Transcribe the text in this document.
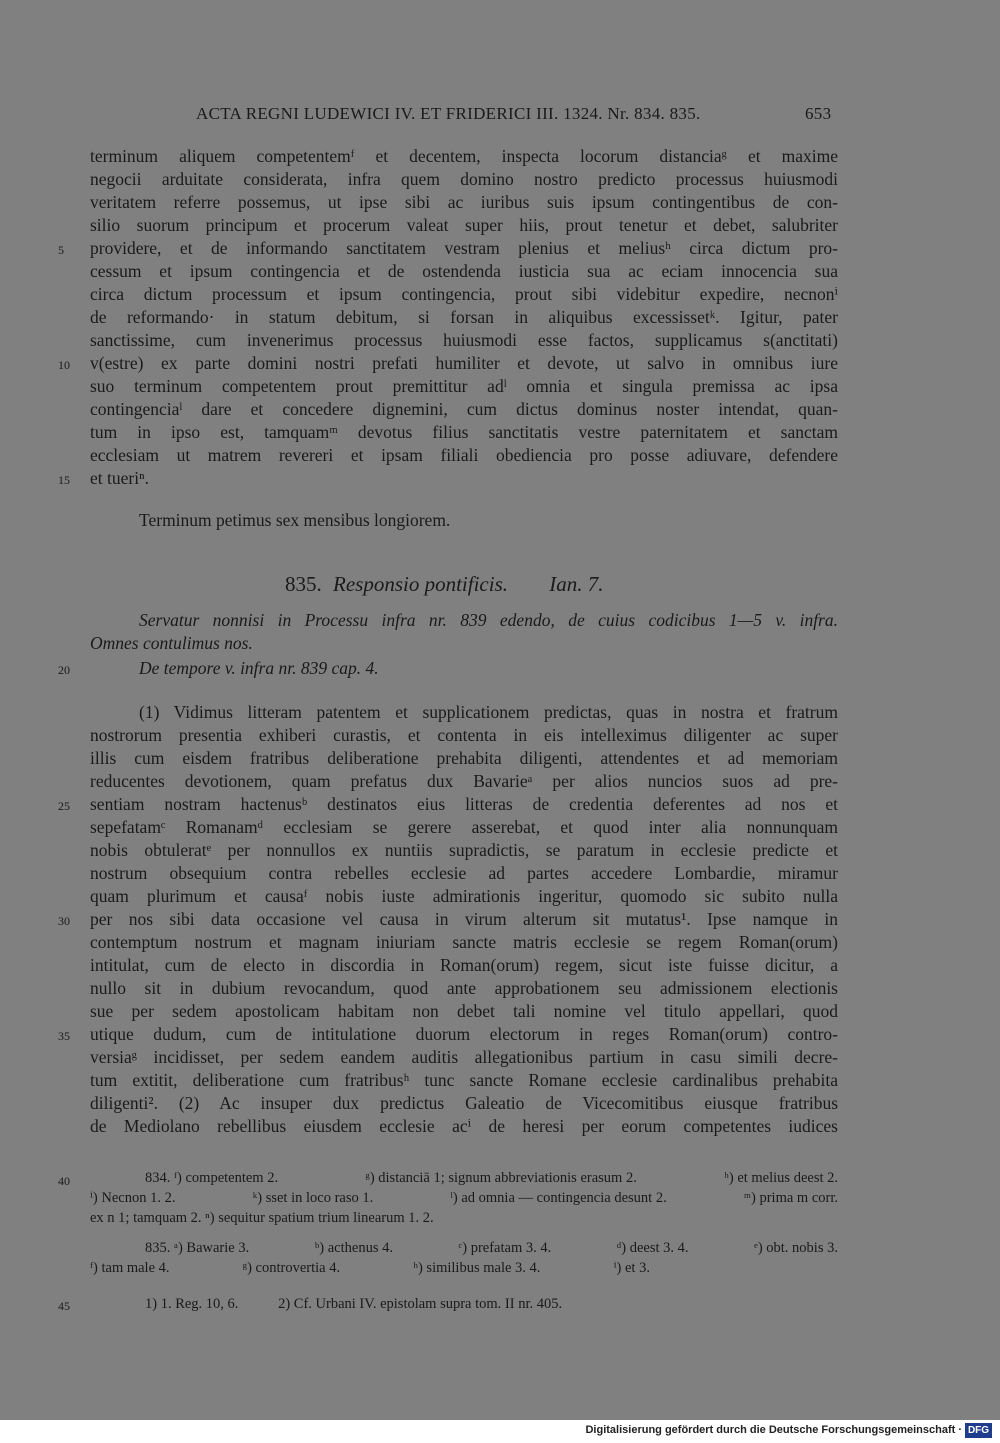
ACTA REGNI LUDEWICI IV. ET FRIDERICI III. 1324. Nr. 834. 835.	653
terminum aliquem competentemᶠ et decentem, inspecta locorum distanciaᵍ et maxime
negocii arduitate considerata, infra quem domino nostro predicto processus huiusmodi
veritatem referre possemus, ut ipse sibi ac iuribus suis ipsum contingentibus de con-
silio suorum principum et procerum valeat super hiis, prout tenetur et debet, salubriter
providere, et de informando sanctitatem vestram plenius et meliusʰ circa dictum pro-
cessum et ipsum contingencia et de ostendenda iusticia sua ac eciam innocencia sua
circa dictum processum et ipsum contingencia, prout sibi videbitur expedire, necnonⁱ
de reformando· in statum debitum, si forsan in aliquibus excessissetᵏ. Igitur, pater
sanctissime, cum invenerimus processus huiusmodi esse factos, supplicamus s(anctitati)
v(estre) ex parte domini nostri prefati humiliter et devote, ut salvo in omnibus iure
suo terminum competentem prout premittitur adˡ omnia et singula premissa ac ipsa
contingenciaˡ dare et concedere dignemini, cum dictus dominus noster intendat, quan-
tum in ipso est, tamquamᵐ devotus filius sanctitatis vestre paternitatem et sanctam
ecclesiam ut matrem revereri et ipsam filiali obediencia pro posse adiuvare, defendere
et tueriⁿ.
Terminum petimus sex mensibus longiorem.
835. Responsio pontificis. Ian. 7.
Servatur nonnisi in Processu infra nr. 839 edendo, de cuius codicibus 1—5 v. infra.
Omnes contulimus nos.
De tempore v. infra nr. 839 cap. 4.
(1) Vidimus litteram patentem et supplicationem predictas, quas in nostra et fratrum
nostrorum presentia exhiberi curastis, et contenta in eis intelleximus diligenter ac super
illis cum eisdem fratribus deliberatione prehabita diligenti, attendentes et ad memoriam
reducentes devotionem, quam prefatus dux Bavarieᵃ per alios nuncios suos ad pre-
sentiam nostram hactenusᵇ destinatos eius litteras de credentia deferentes ad nos et
sepefatamᶜ Romanamᵈ ecclesiam se gerere asserebat, et quod inter alia nonnunquam
nobis obtuleratᵉ per nonnullos ex nuntiis supradictis, se paratum in ecclesie predicte et
nostrum obsequium contra rebelles ecclesie ad partes accedere Lombardie, miramur
quam plurimum et causaᶠ nobis iuste admirationis ingeritur, quomodo sic subito nulla
per nos sibi data occasione vel causa in virum alterum sit mutatus¹. Ipse namque in
contemptum nostrum et magnam iniuriam sancte matris ecclesie se regem Roman(orum)
intitulat, cum de electo in discordia in Roman(orum) regem, sicut iste fuisse dicitur, a
nullo sit in dubium revocandum, quod ante approbationem seu admissionem electionis
sue per sedem apostolicam habitam non debet tali nomine vel titulo appellari, quod
utique dudum, cum de intitulatione duorum electorum in reges Roman(orum) contro-
versiaᵍ incidisset, per sedem eandem auditis allegationibus partium in casu simili decre-
tum extitit, deliberatione cum fratribusʰ tunc sancte Romane ecclesie cardinalibus prehabita
diligenti². (2) Ac insuper dux predictus Galeatio de Vicecomitibus eiusque fratribus
de Mediolano rebellibus eiusdem ecclesie acⁱ de heresi per eorum competentes iudices
5
10
15
20
25
30
35
40
45
834. ᶠ) competentem 2.	ᵍ) distanciā 1; signum abbreviationis erasum 2.	ʰ) et melius deest 2.
ⁱ) Necnon 1. 2.	ᵏ) sset in loco raso 1.	ˡ) ad omnia — contingencia desunt 2.	ᵐ) prima m corr.
ex n 1; tamquam 2. ⁿ) sequitur spatium trium linearum 1. 2.
835. ᵃ) Bawarie 3.	ᵇ) acthenus 4.	ᶜ) prefatam 3. 4.	ᵈ) deest 3. 4.	ᵉ) obt. nobis 3.
ᶠ) tam male 4.	ᵍ) controvertia 4.	ʰ) similibus male 3. 4.	ⁱ) et 3.
1) 1. Reg. 10, 6.	2) Cf. Urbani IV. epistolam supra tom. II nr. 405.
Digitalisierung gefördert durch die Deutsche Forschungsgemeinschaft · DFG
